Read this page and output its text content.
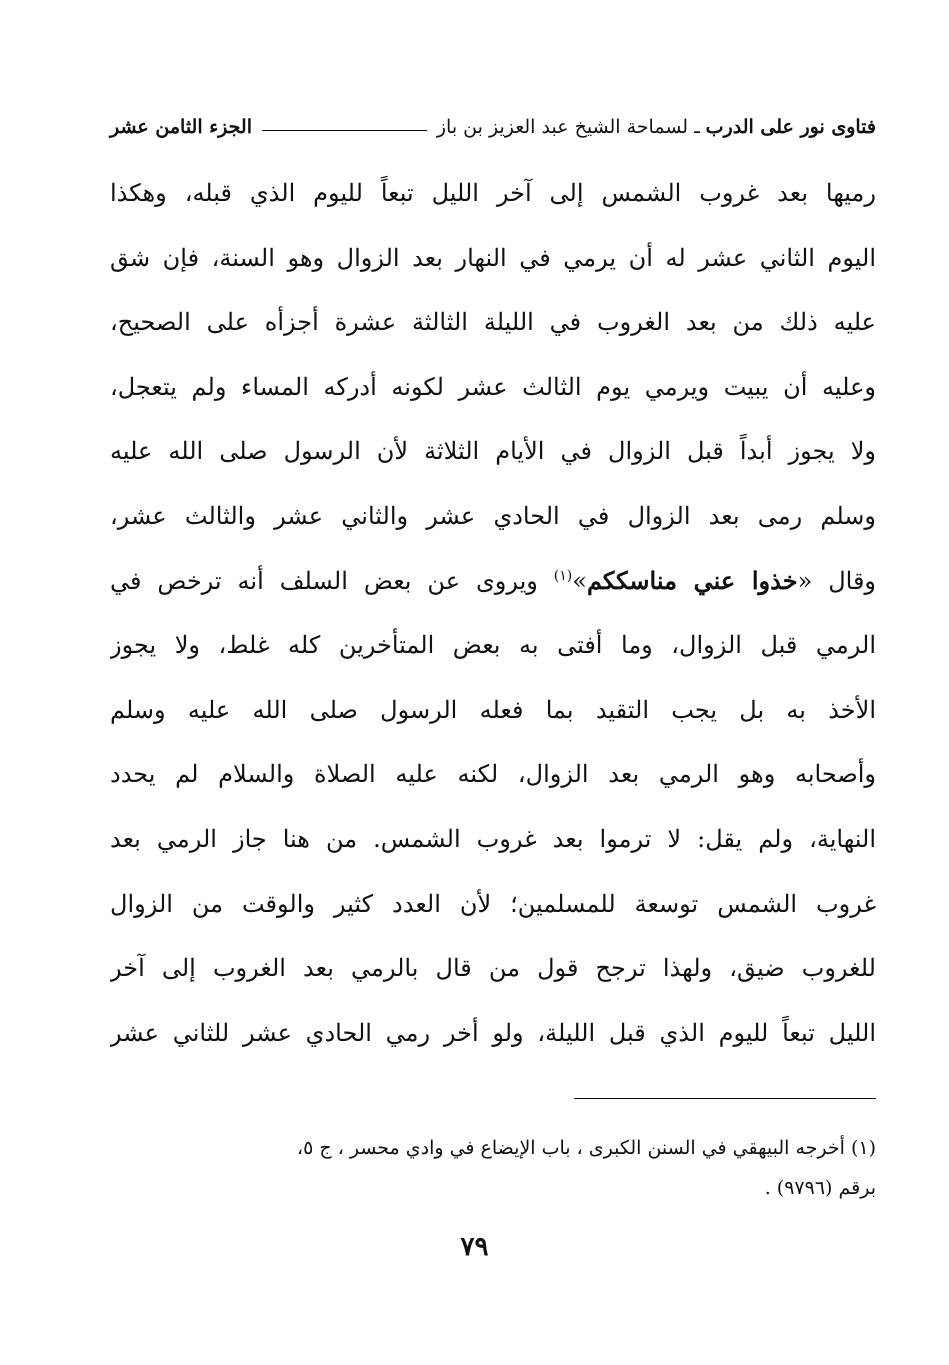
فتاوى نور على الدرب
ـ
لسماحة الشيخ عبد العزيز بن باز
الجزء الثامن عشر
رميها بعد غروب الشمس إلى آخر الليل تبعاً لليوم الذي قبله، وهكذا
اليوم الثاني عشر له أن يرمي في النهار بعد الزوال وهو السنة، فإن شق
عليه ذلك من بعد الغروب في الليلة الثالثة عشرة أجزأه على الصحيح،
وعليه أن يبيت ويرمي يوم الثالث عشر لكونه أدركه المساء ولم يتعجل،
ولا يجوز أبداً قبل الزوال في الأيام الثلاثة لأن الرسول صلى الله عليه
وسلم رمى بعد الزوال في الحادي عشر والثاني عشر والثالث عشر،
وقال «خذوا عني مناسككم»$^{(١)}$ ويروى عن بعض السلف أنه ترخص في
الرمي قبل الزوال، وما أفتى به بعض المتأخرين كله غلط، ولا يجوز
الأخذ به بل يجب التقيد بما فعله الرسول صلى الله عليه وسلم
وأصحابه وهو الرمي بعد الزوال، لكنه عليه الصلاة والسلام لم يحدد
النهاية، ولم يقل: لا ترموا بعد غروب الشمس. من هنا جاز الرمي بعد
غروب الشمس توسعة للمسلمين؛ لأن العدد كثير والوقت من الزوال
للغروب ضيق، ولهذا ترجح قول من قال بالرمي بعد الغروب إلى آخر
الليل تبعاً لليوم الذي قبل الليلة، ولو أخر رمي الحادي عشر للثاني عشر
(١) أخرجه البيهقي في السنن الكبرى ، باب الإيضاع في وادي محسر ، ج ٥،
برقم (٩٧٩٦) .
٧٩
